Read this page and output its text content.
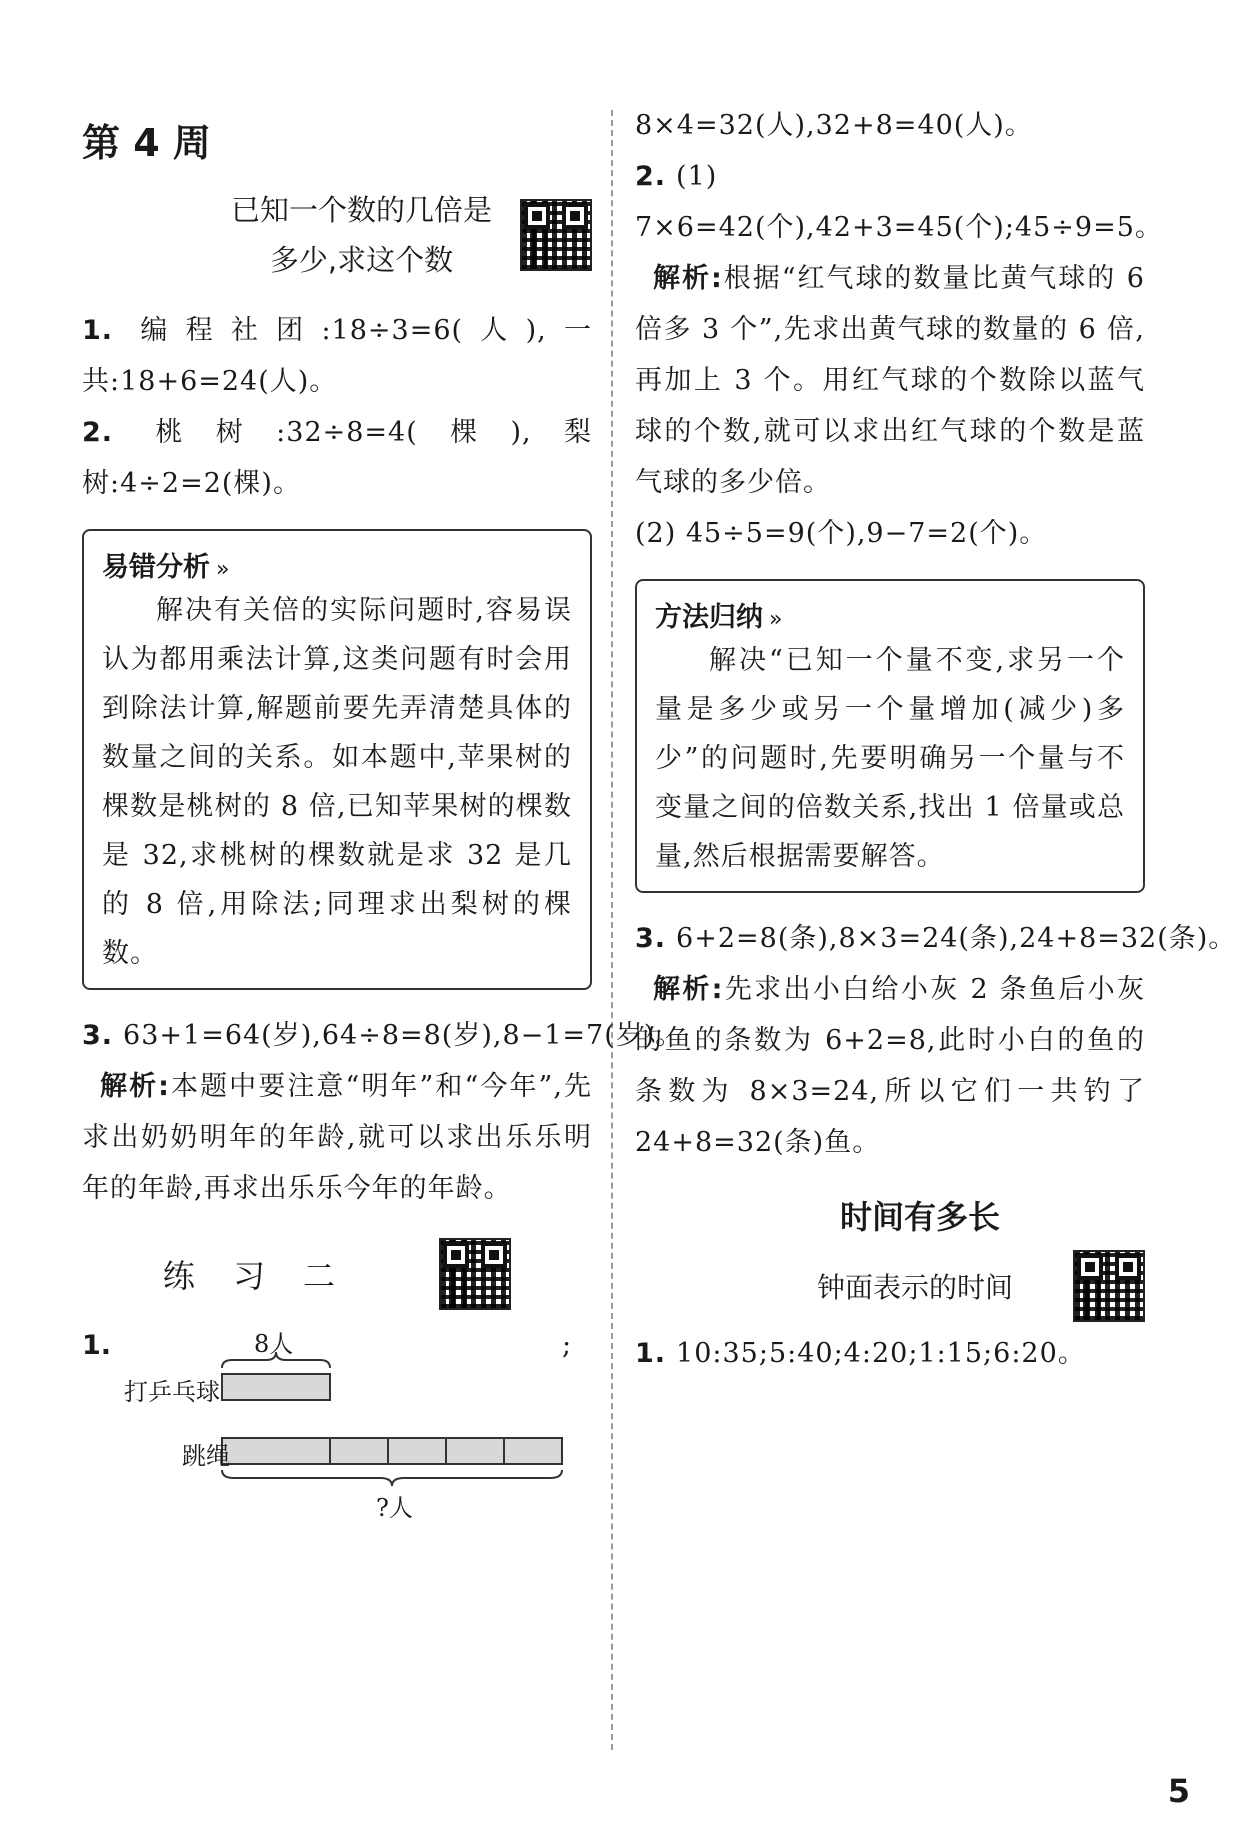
第 4 周
已知一个数的几倍是
多少,求这个数

1. 编程社团:18÷3=6(人),一共:18+6=24(人)。

2. 桃树:32÷8=4(棵),梨树:4÷2=2(棵)。

易错分析 »

解决有关倍的实际问题时,容易误认为都用乘法计算,这类问题有时会用到除法计算,解题前要先弄清楚具体的数量之间的关系。如本题中,苹果树的棵数是桃树的 8 倍,已知苹果树的棵数是 32,求桃树的棵数就是求 32 是几的 8 倍,用除法;同理求出梨树的棵数。

3. 63+1=64(岁),64÷8=8(岁),8−1=7(岁)。解析:本题中要注意“明年”和“今年”,先求出奶奶明年的年龄,就可以求出乐乐明年的年龄,再求出乐乐今年的年龄。

练 习 二
1.	;
8人
打乒乓球
跳绳
?人

8×4=32(人),32+8=40(人)。

2. (1) 7×6=42(个),42+3=45(个);45÷9=5。解析:根据“红气球的数量比黄气球的 6 倍多 3 个”,先求出黄气球的数量的 6 倍,再加上 3 个。用红气球的个数除以蓝气球的个数,就可以求出红气球的个数是蓝气球的多少倍。

(2) 45÷5=9(个),9−7=2(个)。

方法归纳 »

解决“已知一个量不变,求另一个量是多少或另一个量增加(减少)多少”的问题时,先要明确另一个量与不变量之间的倍数关系,找出 1 倍量或总量,然后根据需要解答。

3. 6+2=8(条),8×3=24(条),24+8=32(条)。解析:先求出小白给小灰 2 条鱼后小灰的鱼的条数为 6+2=8,此时小白的鱼的条数为 8×3=24,所以它们一共钓了 24+8=32(条)鱼。

时间有多长
钟面表示的时间

1. 10:35;5:40;4:20;1:15;6:20。

5
